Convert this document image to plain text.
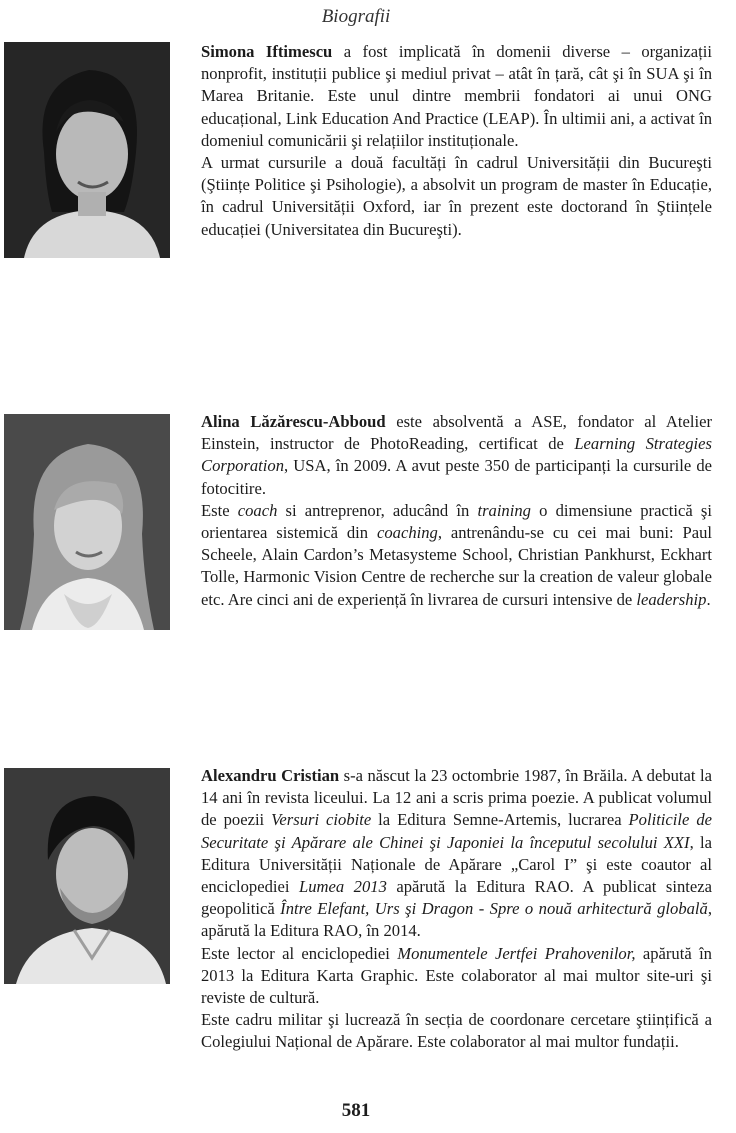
Biografii

Simona Iftimescu a fost implicată în domenii diverse – organizații nonprofit, instituții publice şi mediul privat – atât în țară, cât şi în SUA şi în Marea Britanie. Este unul dintre membrii fondatori ai unui ONG educațional, Link Education And Practice (LEAP). În ultimii ani, a activat în domeniul comunicării şi relațiilor instituționale.

A urmat cursurile a două facultăți în cadrul Universității din Bucureşti (Ştiințe Politice şi Psihologie), a absolvit un program de master în Educație, în cadrul Universității Oxford, iar în prezent este doctorand în Ştiințele educației (Universitatea din Bucureşti).

Alina Lăzărescu-Abboud este absolventă a ASE, fondator al Atelier Einstein, instructor de PhotoReading, certificat de Learning Strategies Corporation, USA, în 2009. A avut peste 350 de participanți la cursurile de fotocitire.

Este coach si antreprenor, aducând în training o dimensiune practică şi orientarea sistemică din coaching, antrenându-se cu cei mai buni: Paul Scheele, Alain Cardon’s Metasysteme School, Christian Pankhurst, Eckhart Tolle, Harmonic Vision Centre de recherche sur la creation de valeur globale etc. Are cinci ani de experiență în livrarea de cursuri intensive de leadership.

Alexandru Cristian s-a născut la 23 octombrie 1987, în Brăila. A debutat la 14 ani în revista liceului. La 12 ani a scris prima poezie. A publicat volumul de poezii Versuri ciobite la Editura Semne-Artemis, lucrarea Politicile de Securitate şi Apărare ale Chinei şi Japoniei la începutul secolului XXI, la Editura Universității Naționale de Apărare „Carol I” şi este coautor al enciclopediei Lumea 2013 apărută la Editura RAO. A publicat sinteza geopolitică Între Elefant, Urs şi Dragon - Spre o nouă arhitectură globală, apărută la Editura RAO, în 2014.

Este lector al enciclopediei Monumentele Jertfei Prahovenilor, apărută în 2013 la Editura Karta Graphic. Este colaborator al mai multor site-uri şi reviste de cultură.

Este cadru militar şi lucrează în secția de coordonare cercetare ştiințifică a Colegiului Național de Apărare. Este colaborator al mai multor fundații.

581
